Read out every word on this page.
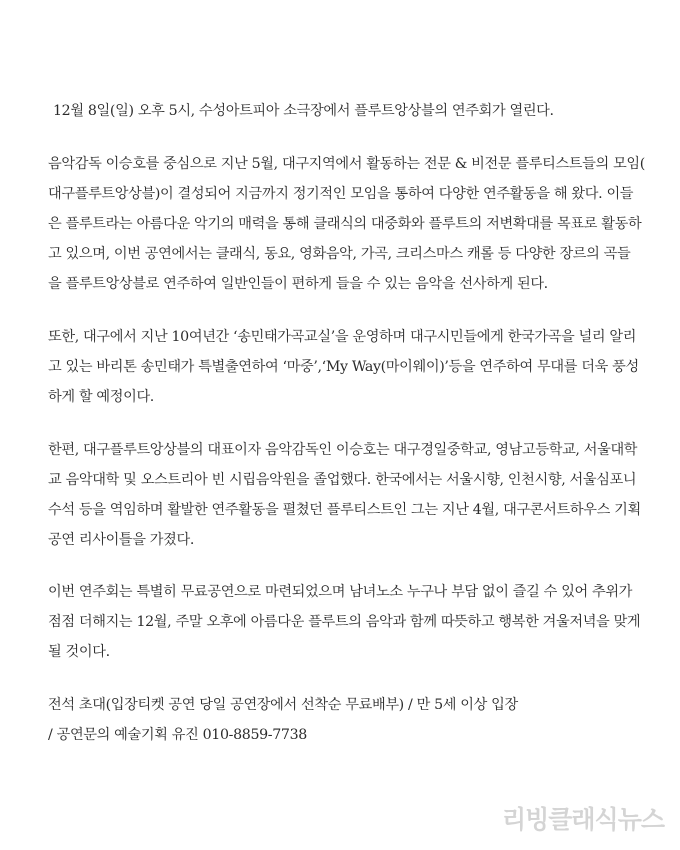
12월 8일(일) 오후 5시, 수성아트피아 소극장에서 플루트앙상블의 연주회가 열린다.

음악감독 이승호를 중심으로 지난 5월, 대구지역에서 활동하는 전문 & 비전문 플루티스트들의 모임(
대구플루트앙상블)이 결성되어 지금까지 정기적인 모임을 통하여 다양한 연주활동을 해 왔다. 이들
은 플루트라는 아름다운 악기의 매력을 통해 클래식의 대중화와 플루트의 저변확대를 목표로 활동하
고 있으며, 이번 공연에서는 클래식, 동요, 영화음악, 가곡, 크리스마스 캐롤 등 다양한 장르의 곡들
을 플루트앙상블로 연주하여 일반인들이 편하게 들을 수 있는 음악을 선사하게 된다.

또한, 대구에서 지난 10여년간 ‘송민태가곡교실’을 운영하며 대구시민들에게 한국가곡을 널리 알리
고 있는 바리톤 송민태가 특별출연하여 ‘마중’,‘My Way(마이웨이)’등을 연주하여 무대를 더욱 풍성
하게 할 예정이다.

한편, 대구플루트앙상블의 대표이자 음악감독인 이승호는 대구경일중학교, 영남고등학교, 서울대학
교 음악대학 및 오스트리아 빈 시립음악원을 졸업했다. 한국에서는 서울시향, 인천시향, 서울심포니
수석 등을 역임하며 활발한 연주활동을 펼쳤던 플루티스트인 그는 지난 4월, 대구콘서트하우스 기획
공연 리사이틀을 가졌다.

이번 연주회는 특별히 무료공연으로 마련되었으며 남녀노소 누구나 부담 없이 즐길 수 있어 추위가
점점 더해지는 12월, 주말 오후에 아름다운 플루트의 음악과 함께 따뜻하고 행복한 겨울저녁을 맞게
될 것이다.

전석 초대(입장티켓 공연 당일 공연장에서 선착순 무료배부) / 만 5세 이상 입장
/ 공연문의 예술기획 유진 010-8859-7738

리빙클래식뉴스
